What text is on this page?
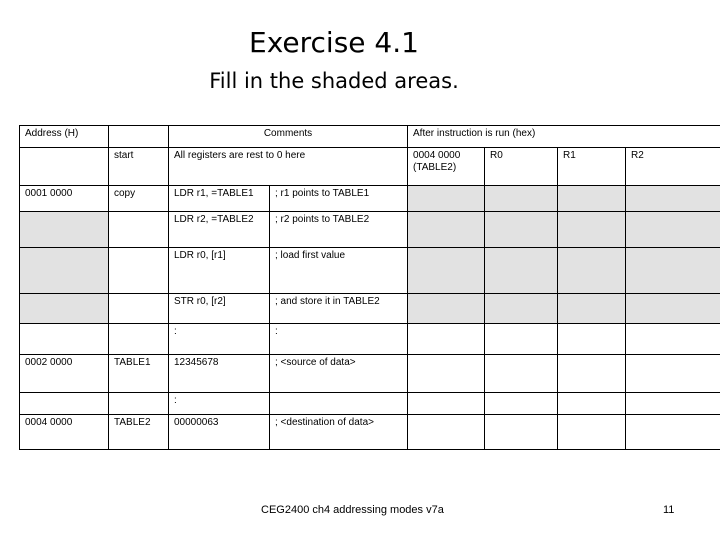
Exercise 4.1
Fill in the shaded areas.
Address (H)		Comments		After instruction is run (hex)			
	start	All registers are rest to 0 here		0004 0000 (TABLE2)	R0	R1	R2
0001 0000	copy	LDR r1, =TABLE1	; r1 points to TABLE1				
		LDR r2, =TABLE2	; r2 points to TABLE2				
		LDR r0, [r1]	; load first value				
		STR r0, [r2]	; and store it in TABLE2				
		:	:				
0002 0000	TABLE1	12345678	; <source of data>				
		:					
0004 0000	TABLE2	00000063	; <destination of data>				
CEG2400 ch4 addressing modes v7a	11
